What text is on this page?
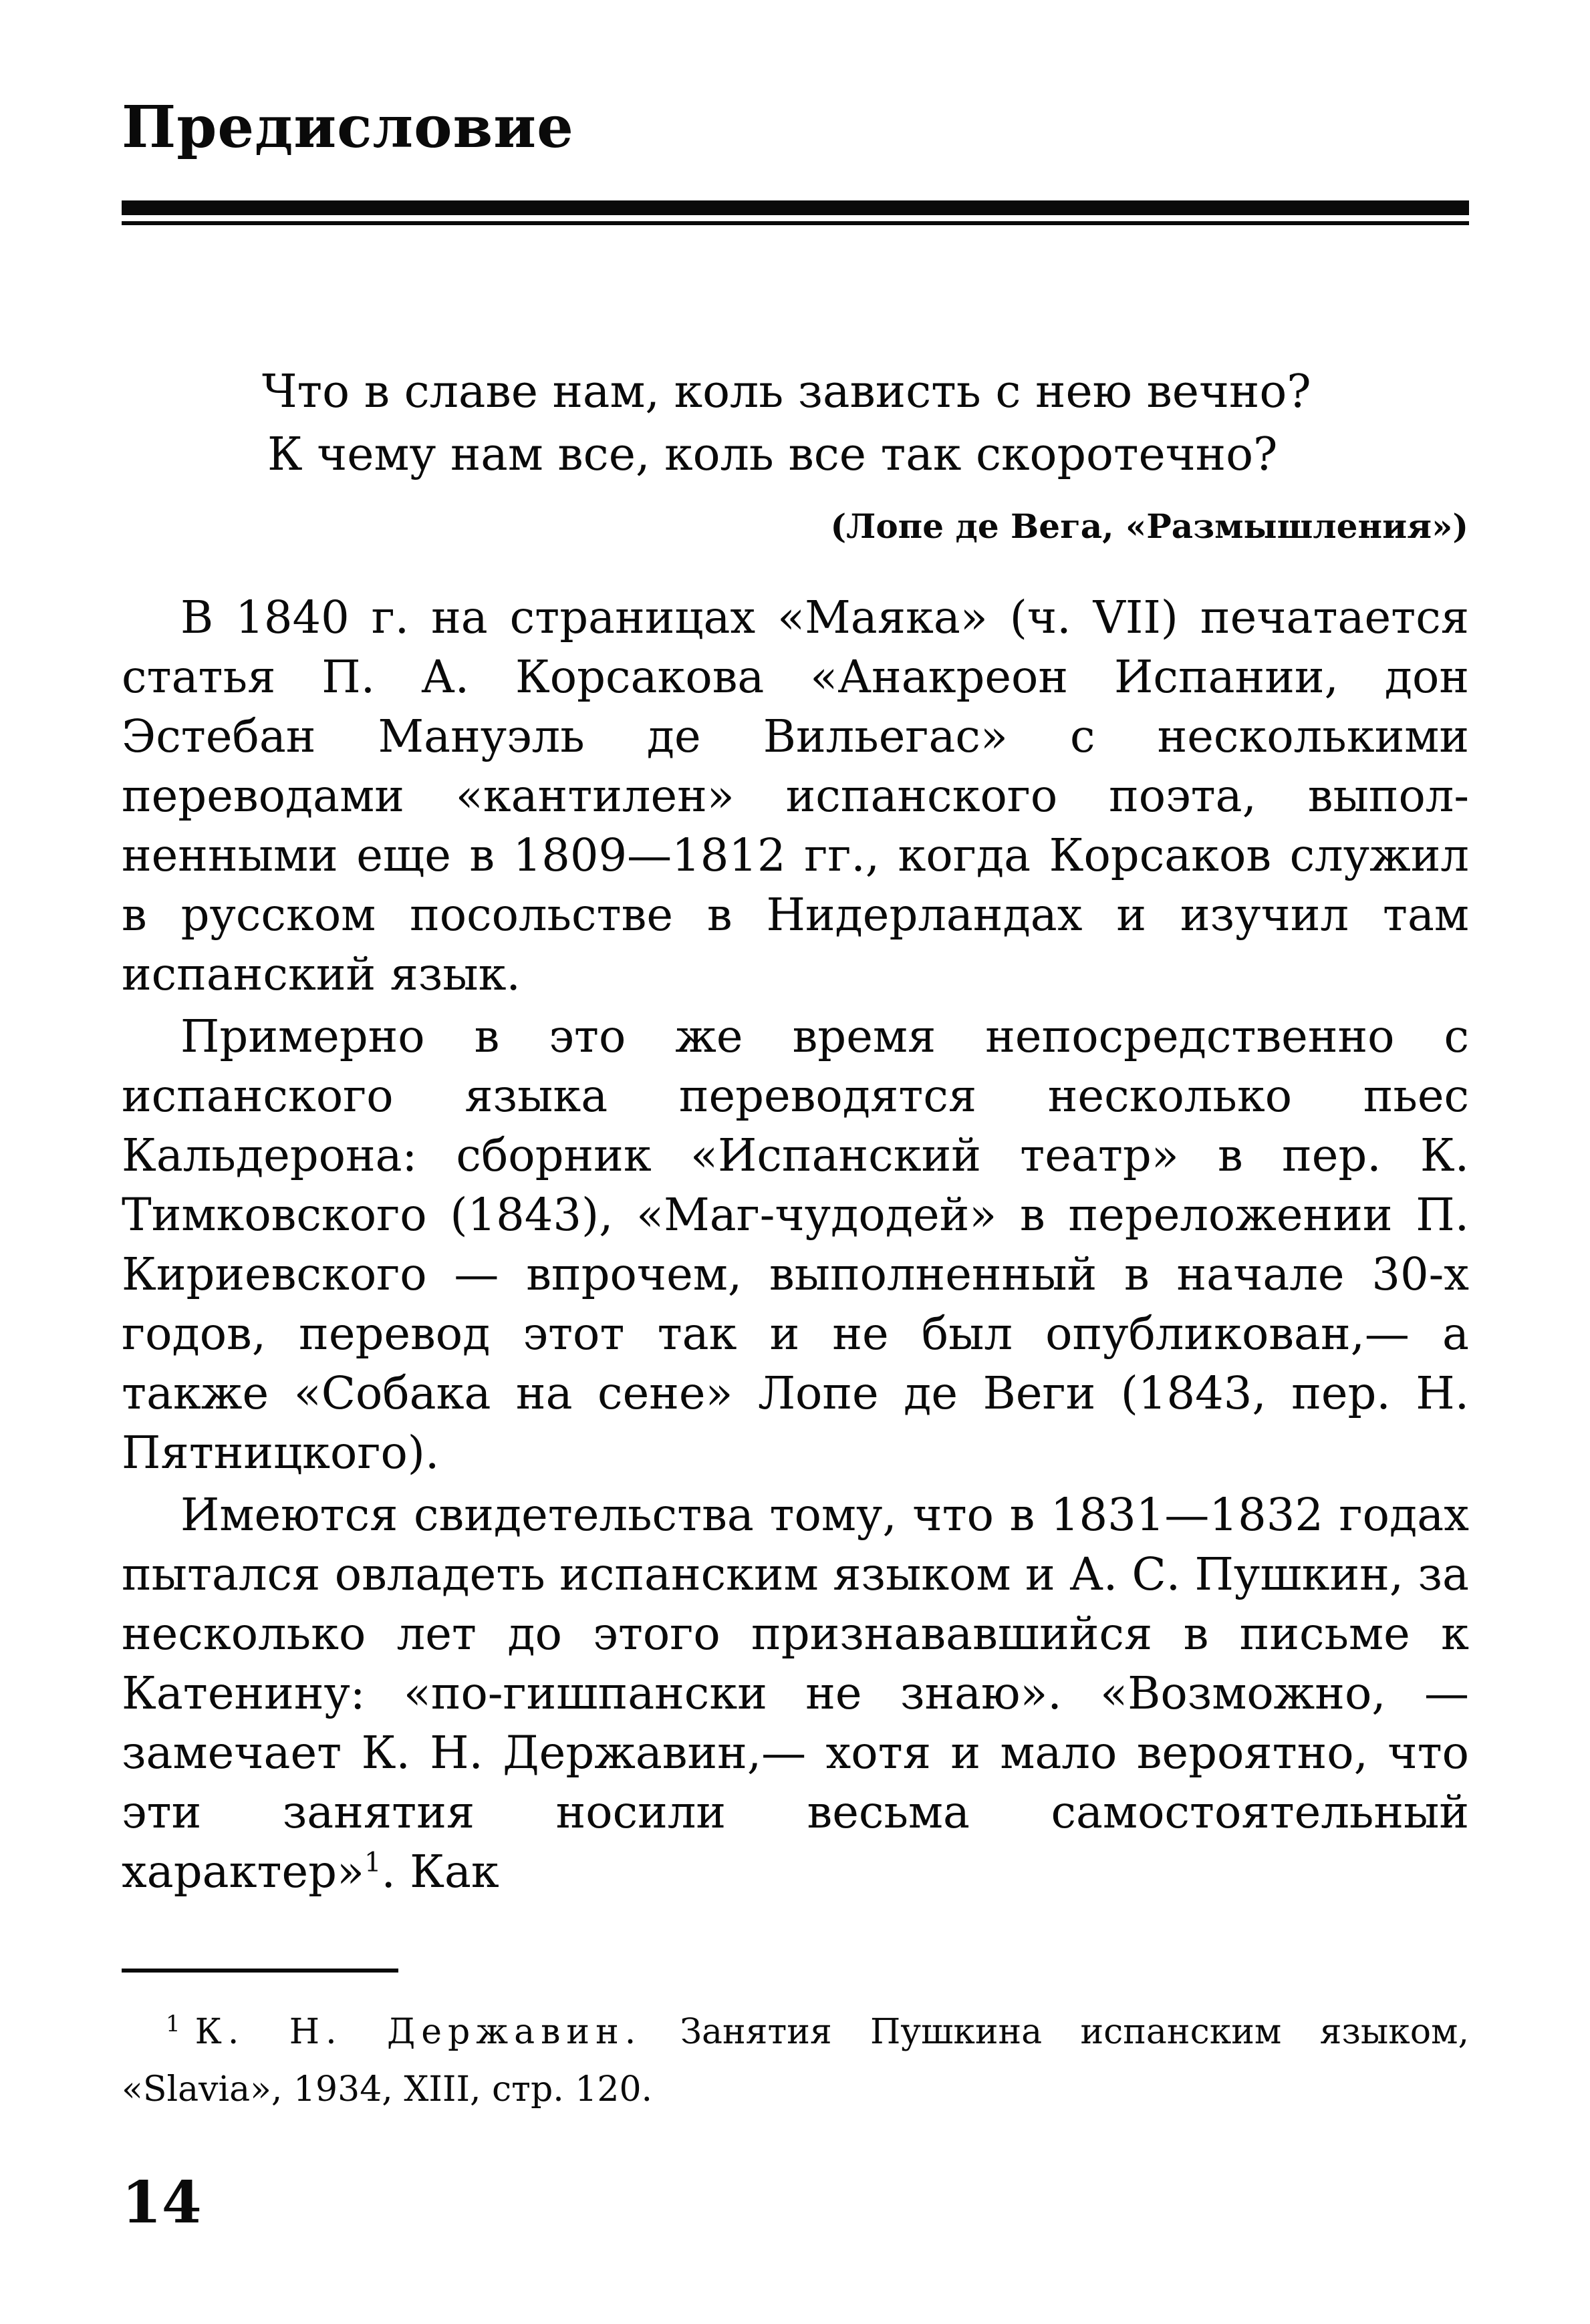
Предисловие
Что в славе нам, коль зависть с нею вечно?
К чему нам все, коль все так скоротечно?
(Лопе де Вега, «Размышления»)

В 1840 г. на страницах «Маяка» (ч. VII) печатается статья П. А. Корсакова «Анакреон Испании, дон Эстебан Мануэль де Вильегас» с несколькими переводами «кантилен» испанского поэта, выполненными еще в 1809—1812 гг., когда Корсаков служил в русском посольстве в Нидерландах и изучил там испанский язык.

Примерно в это же время непосредственно с испанского языка переводятся несколько пьес Кальдерона: сборник «Испанский театр» в пер. К. Тимковского (1843), «Маг-чудодей» в переложении П. Кириевского — впрочем, выполненный в начале 30-х годов, перевод этот так и не был опубликован,— а также «Собака на сене» Лопе де Веги (1843, пер. Н. Пятницкого).

Имеются свидетельства тому, что в 1831—1832 годах пытался овладеть испанским языком и А. С. Пушкин, за несколько лет до этого признававшийся в письме к Катенину: «по-гишпански не знаю». «Возможно, — замечает К. Н. Державин,— хотя и мало вероятно, что эти занятия носили весьма самостоятельный характер»$^1$. Как

$^1$ К. Н. Державин. Занятия Пушкина испанским языком, «Slavia», 1934, XIII, стр. 120.
14
